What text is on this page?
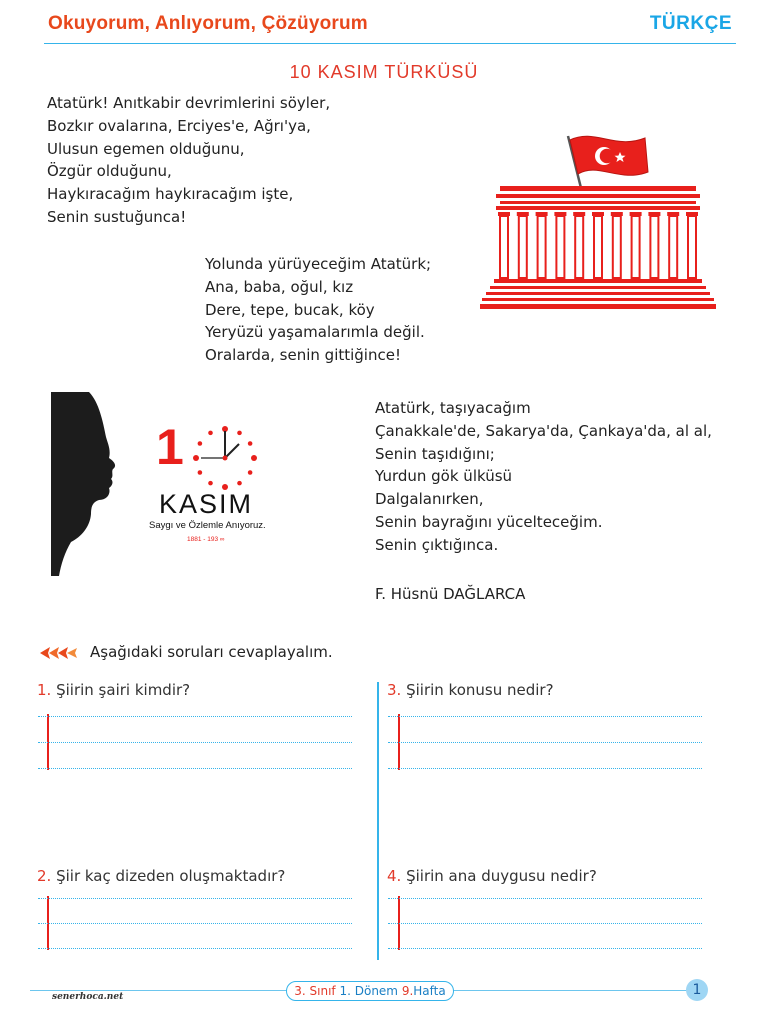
Okuyorum, Anlıyorum, Çözüyorum	TÜRKÇE
10 KASIM TÜRKÜSÜ
Atatürk! Anıtkabir devrimlerini söyler,
Bozkır ovalarına, Erciyes'e, Ağrı'ya,
Ulusun egemen olduğunu,
Özgür olduğunu,
Haykıracağım haykıracağım işte,
Senin sustuğunca!
Yolunda yürüyeceğim Atatürk;
Ana, baba, oğul, kız
Dere, tepe, bucak, köy
Yeryüzü yaşamalarımla değil.
Oralarda, senin gittiğince!
Atatürk, taşıyacağım
Çanakkale'de, Sakarya'da, Çankaya'da, al al,
Senin taşıdığını;
Yurdun gök ülküsü
Dalgalanırken,
Senin bayrağını yücelteceğim.
Senin çıktığınca.
F. Hüsnü DAĞLARCA
1
KASIM
Saygı ve Özlemle Anıyoruz.
1881 - 193 ∞
Aşağıdaki soruları cevaplayalım.
1. Şiirin şairi kimdir?
2. Şiir kaç dizeden oluşmaktadır?
3. Şiirin konusu nedir?
4. Şiirin ana duygusu nedir?
senerhoca.net	3. Sınıf 1. Dönem 9.Hafta	1
